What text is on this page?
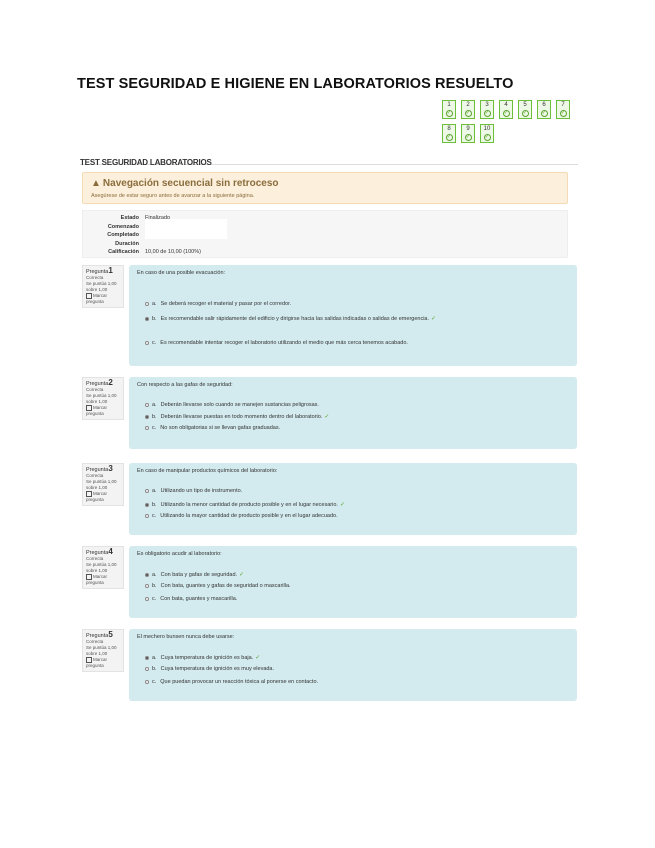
TEST SEGURIDAD E HIGIENE EN LABORATORIOS RESUELTO
1
✓
2
✓
3
✓
4
✓
5
✓
6
✓
7
✓
8
✓
9
✓
10
✓
TEST SEGURIDAD LABORATORIOS
▲ Navegación secuencial sin retroceso
Asegúrese de estar seguro antes de avanzar a la siguiente página.
Estado Finalizado
Comenzado
Completado
Duración
Calificación 10,00 de 10,00 (100%)
Pregunta1
Correcta
Se puntúa 1,00 sobre 1,00
Marcar pregunta
En caso de una posible evacuación:
a. Se deberá recoger el material y pasar por el corredor.
b. Es recomendable salir rápidamente del edificio y dirigirse hacia las salidas indicadas o salidas de emergencia. ✓
c. Es recomendable intentar recoger el laboratorio utilizando el medio que más cerca tenemos acabado.
Pregunta2
Correcta
Se puntúa 1,00 sobre 1,00
Marcar pregunta
Con respecto a las gafas de seguridad:
a. Deberán llevarse solo cuando se manejen sustancias peligrosas.
b. Deberán llevarse puestas en todo momento dentro del laboratorio. ✓
c. No son obligatorias si se llevan gafas graduadas.
Pregunta3
Correcta
Se puntúa 1,00 sobre 1,00
Marcar pregunta
En caso de manipular productos químicos del laboratorio:
a. Utilizando un tipo de instrumento.
b. Utilizando la menor cantidad de producto posible y en el lugar necesario. ✓
c. Utilizando la mayor cantidad de producto posible y en el lugar adecuado.
Pregunta4
Correcta
Se puntúa 1,00 sobre 1,00
Marcar pregunta
Es obligatorio acudir al laboratorio:
a. Con bata y gafas de seguridad. ✓
b. Con bata, guantes y gafas de seguridad o mascarilla.
c. Con bata, guantes y mascarilla.
Pregunta5
Correcta
Se puntúa 1,00 sobre 1,00
Marcar pregunta
El mechero bunsen nunca debe usarse:
a. Cuya temperatura de ignición es baja. ✓
b. Cuya temperatura de ignición es muy elevada.
c. Que puedan provocar un reacción tóxica al ponerse en contacto.
